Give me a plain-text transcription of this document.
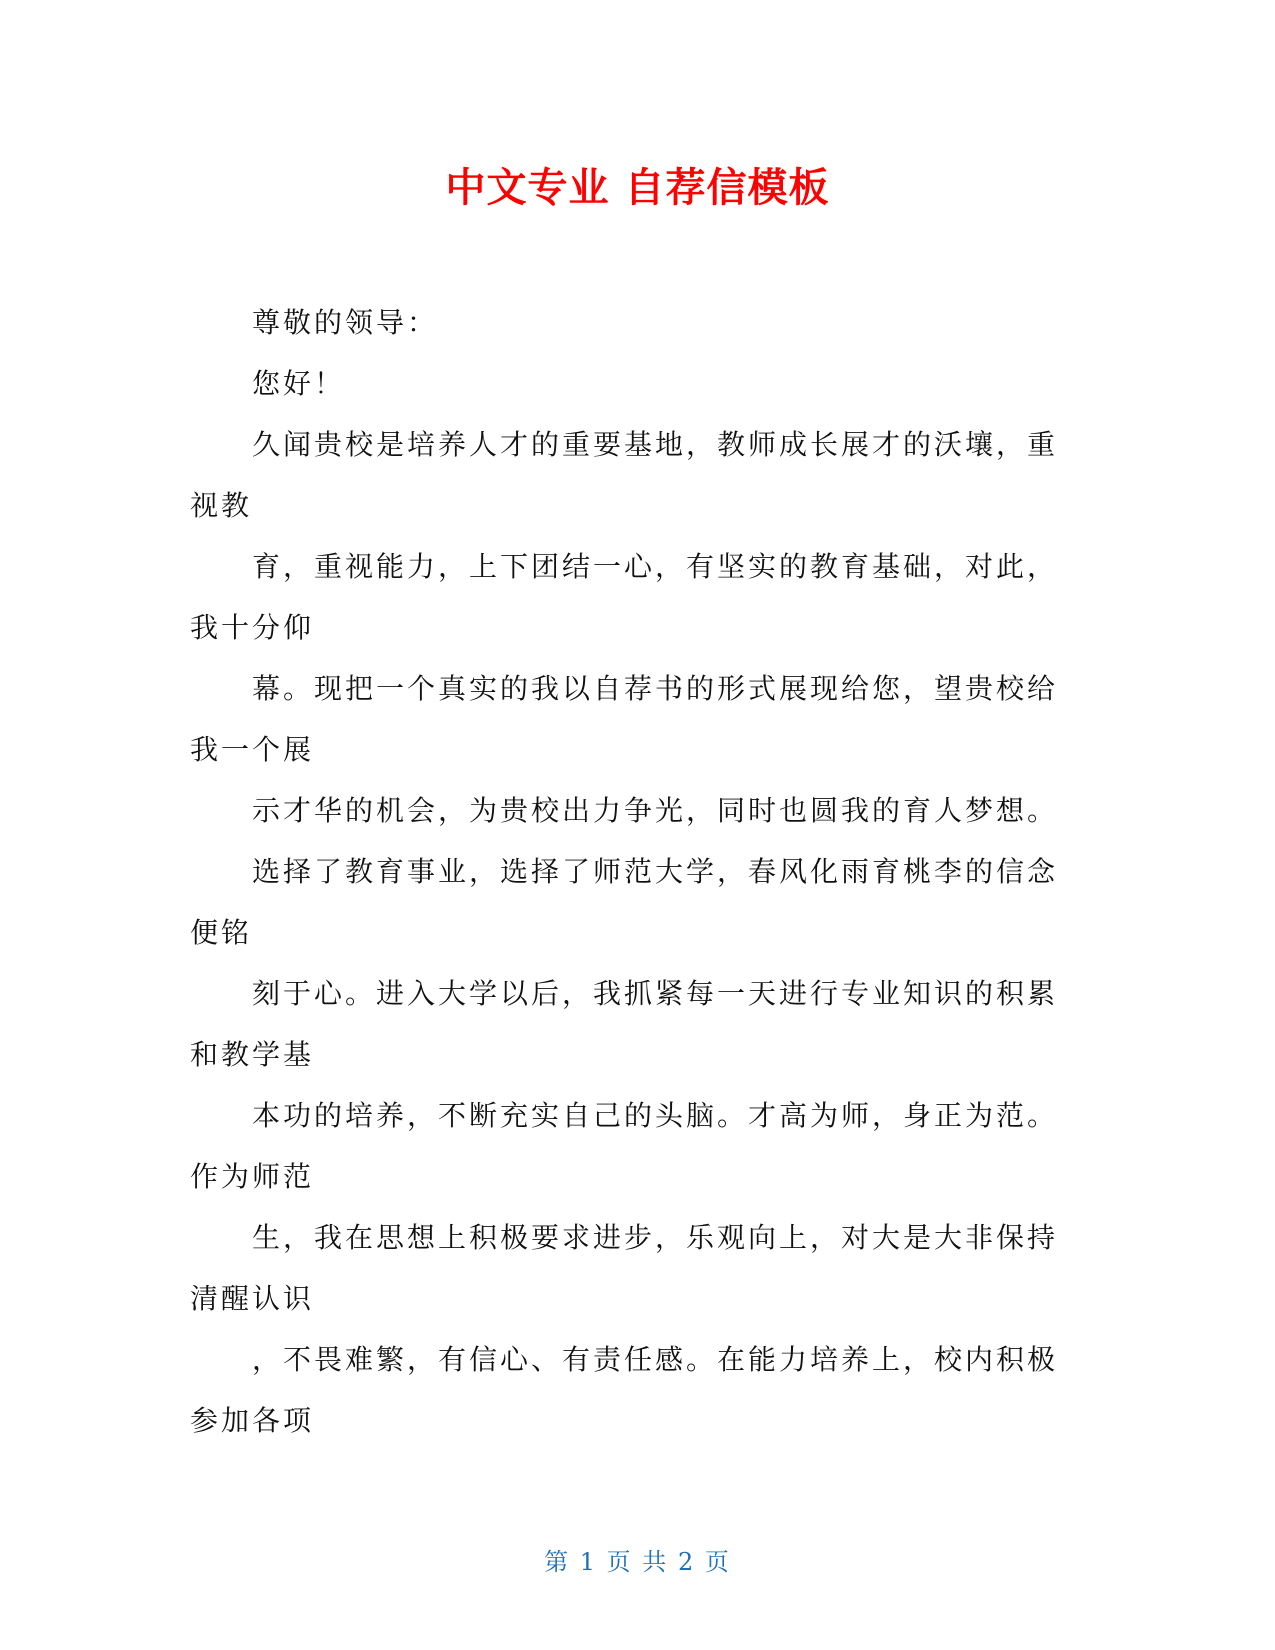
中文专业 自荐信模板
尊敬的领导：
您好！
久闻贵校是培养人才的重要基地，教师成长展才的沃壤，重
视教
育，重视能力，上下团结一心，有坚实的教育基础，对此，
我十分仰
幕。现把一个真实的我以自荐书的形式展现给您，望贵校给
我一个展
示才华的机会，为贵校出力争光，同时也圆我的育人梦想。
选择了教育事业，选择了师范大学，春风化雨育桃李的信念
便铭
刻于心。进入大学以后，我抓紧每一天进行专业知识的积累
和教学基
本功的培养，不断充实自己的头脑。才高为师，身正为范。
作为师范
生，我在思想上积极要求进步，乐观向上，对大是大非保持
清醒认识
，不畏难繁，有信心、有责任感。在能力培养上，校内积极
参加各项
第 1 页 共 2 页
